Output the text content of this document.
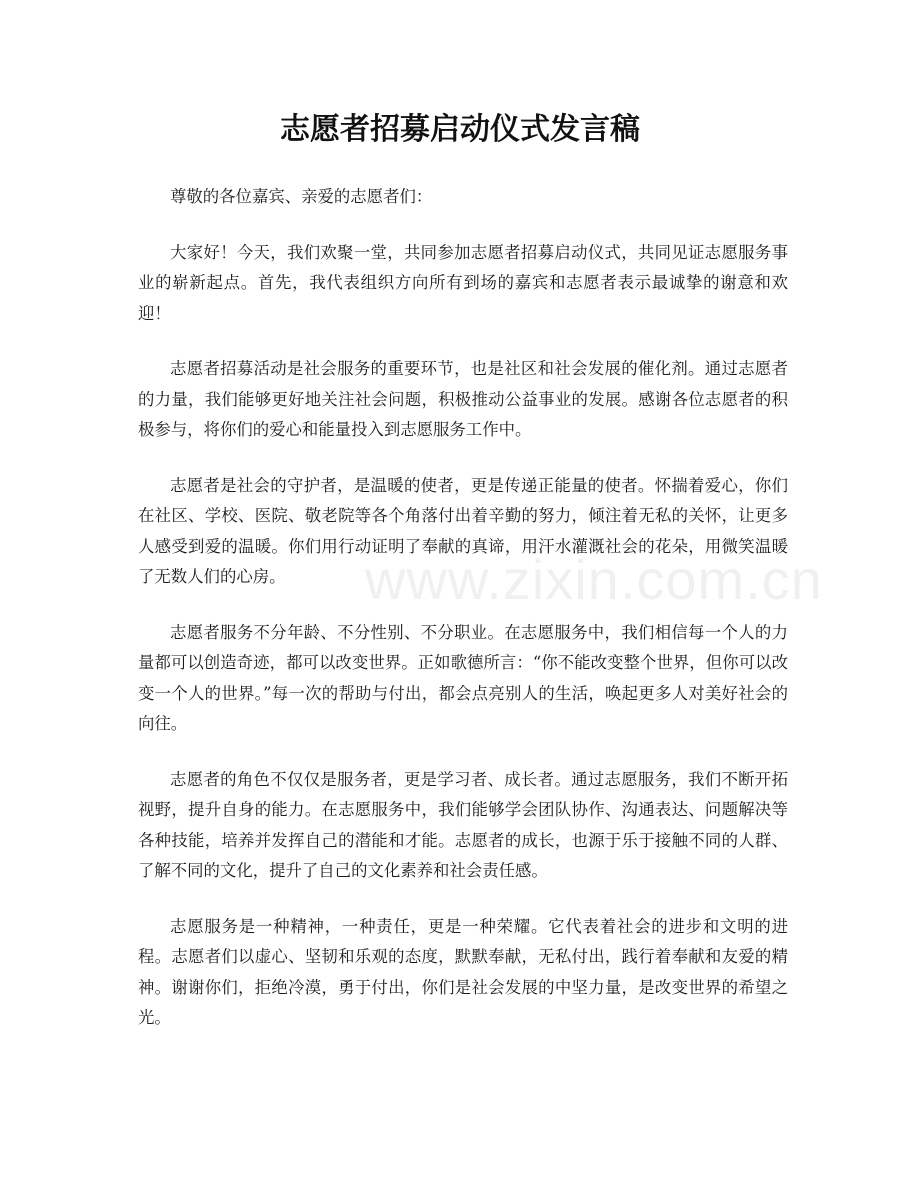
志愿者招募启动仪式发言稿

尊敬的各位嘉宾、亲爱的志愿者们：

大家好！今天，我们欢聚一堂，共同参加志愿者招募启动仪式，共同见证志愿服务事业的崭新起点。首先，我代表组织方向所有到场的嘉宾和志愿者表示最诚挚的谢意和欢迎！

志愿者招募活动是社会服务的重要环节，也是社区和社会发展的催化剂。通过志愿者的力量，我们能够更好地关注社会问题，积极推动公益事业的发展。感谢各位志愿者的积极参与，将你们的爱心和能量投入到志愿服务工作中。

志愿者是社会的守护者，是温暖的使者，更是传递正能量的使者。怀揣着爱心，你们在社区、学校、医院、敬老院等各个角落付出着辛勤的努力，倾注着无私的关怀，让更多人感受到爱的温暖。你们用行动证明了奉献的真谛，用汗水灌溉社会的花朵，用微笑温暖了无数人们的心房。

志愿者服务不分年龄、不分性别、不分职业。在志愿服务中，我们相信每一个人的力量都可以创造奇迹，都可以改变世界。正如歌德所言：“你不能改变整个世界，但你可以改变一个人的世界。”每一次的帮助与付出，都会点亮别人的生活，唤起更多人对美好社会的向往。

志愿者的角色不仅仅是服务者，更是学习者、成长者。通过志愿服务，我们不断开拓视野，提升自身的能力。在志愿服务中，我们能够学会团队协作、沟通表达、问题解决等各种技能，培养并发挥自己的潜能和才能。志愿者的成长，也源于乐于接触不同的人群、了解不同的文化，提升了自己的文化素养和社会责任感。

志愿服务是一种精神，一种责任，更是一种荣耀。它代表着社会的进步和文明的进程。志愿者们以虚心、坚韧和乐观的态度，默默奉献，无私付出，践行着奉献和友爱的精神。谢谢你们，拒绝冷漠，勇于付出，你们是社会发展的中坚力量，是改变世界的希望之光。

www.zixin.com.cn
